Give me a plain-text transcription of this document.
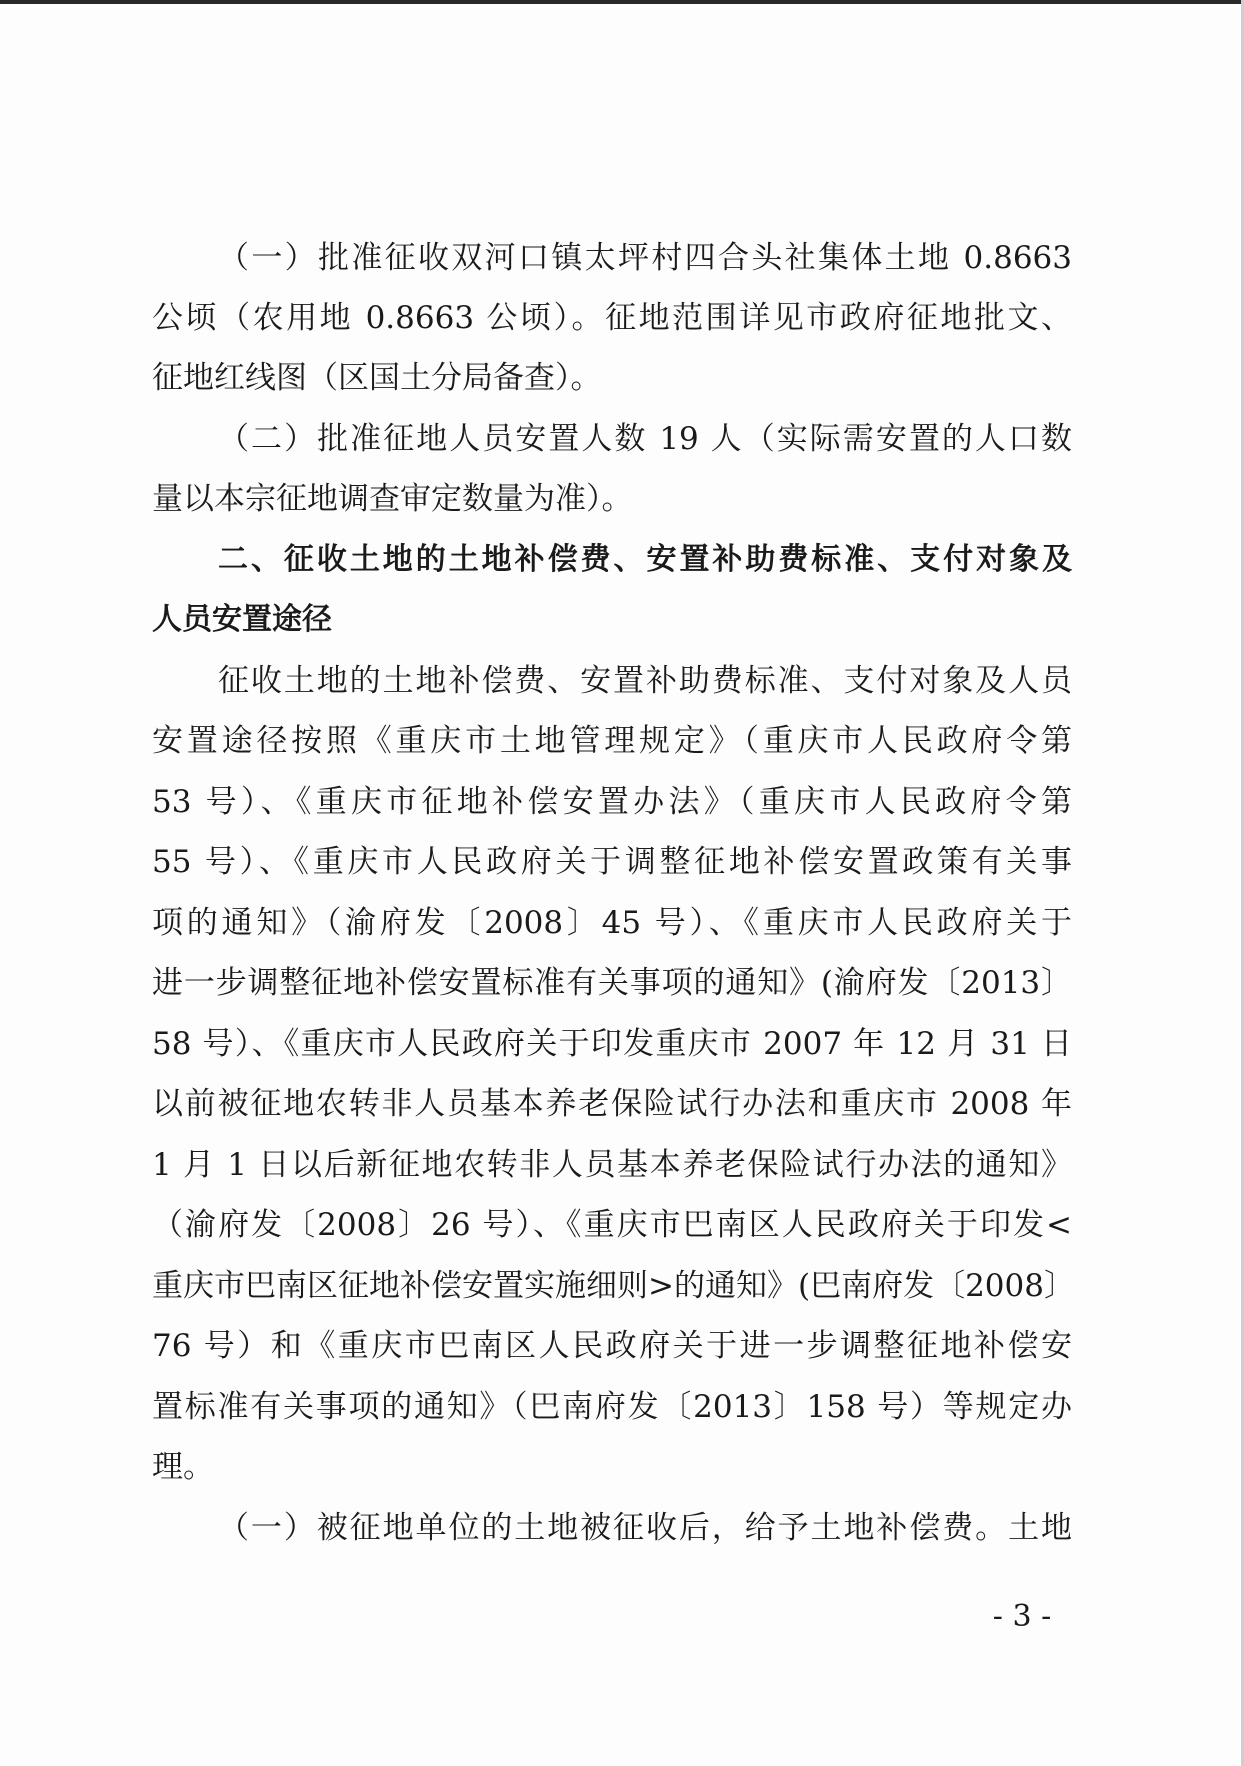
（一）批准征收双河口镇太坪村四合头社集体土地 0.8663
公顷（农用地 0.8663 公顷）。征地范围详见市政府征地批文、
征地红线图（区国土分局备查）。
（二）批准征地人员安置人数 19 人（实际需安置的人口数
量以本宗征地调查审定数量为准）。
二、征收土地的土地补偿费、安置补助费标准、支付对象及
人员安置途径
征收土地的土地补偿费、安置补助费标准、支付对象及人员
安置途径按照《重庆市土地管理规定》（重庆市人民政府令第
53 号）、《重庆市征地补偿安置办法》（重庆市人民政府令第
55 号）、《重庆市人民政府关于调整征地补偿安置政策有关事
项的通知》（渝府发〔2008〕45 号）、《重庆市人民政府关于
进一步调整征地补偿安置标准有关事项的通知》(渝府发〔2013〕
58 号）、《重庆市人民政府关于印发重庆市 2007 年 12 月 31 日
以前被征地农转非人员基本养老保险试行办法和重庆市 2008 年
1 月 1 日以后新征地农转非人员基本养老保险试行办法的通知》
（渝府发〔2008〕26 号）、《重庆市巴南区人民政府关于印发<
重庆市巴南区征地补偿安置实施细则>的通知》(巴南府发〔2008〕
76 号）和《重庆市巴南区人民政府关于进一步调整征地补偿安
置标准有关事项的通知》（巴南府发〔2013〕158 号）等规定办
理。
（一）被征地单位的土地被征收后，给予土地补偿费。土地
- 3 -
